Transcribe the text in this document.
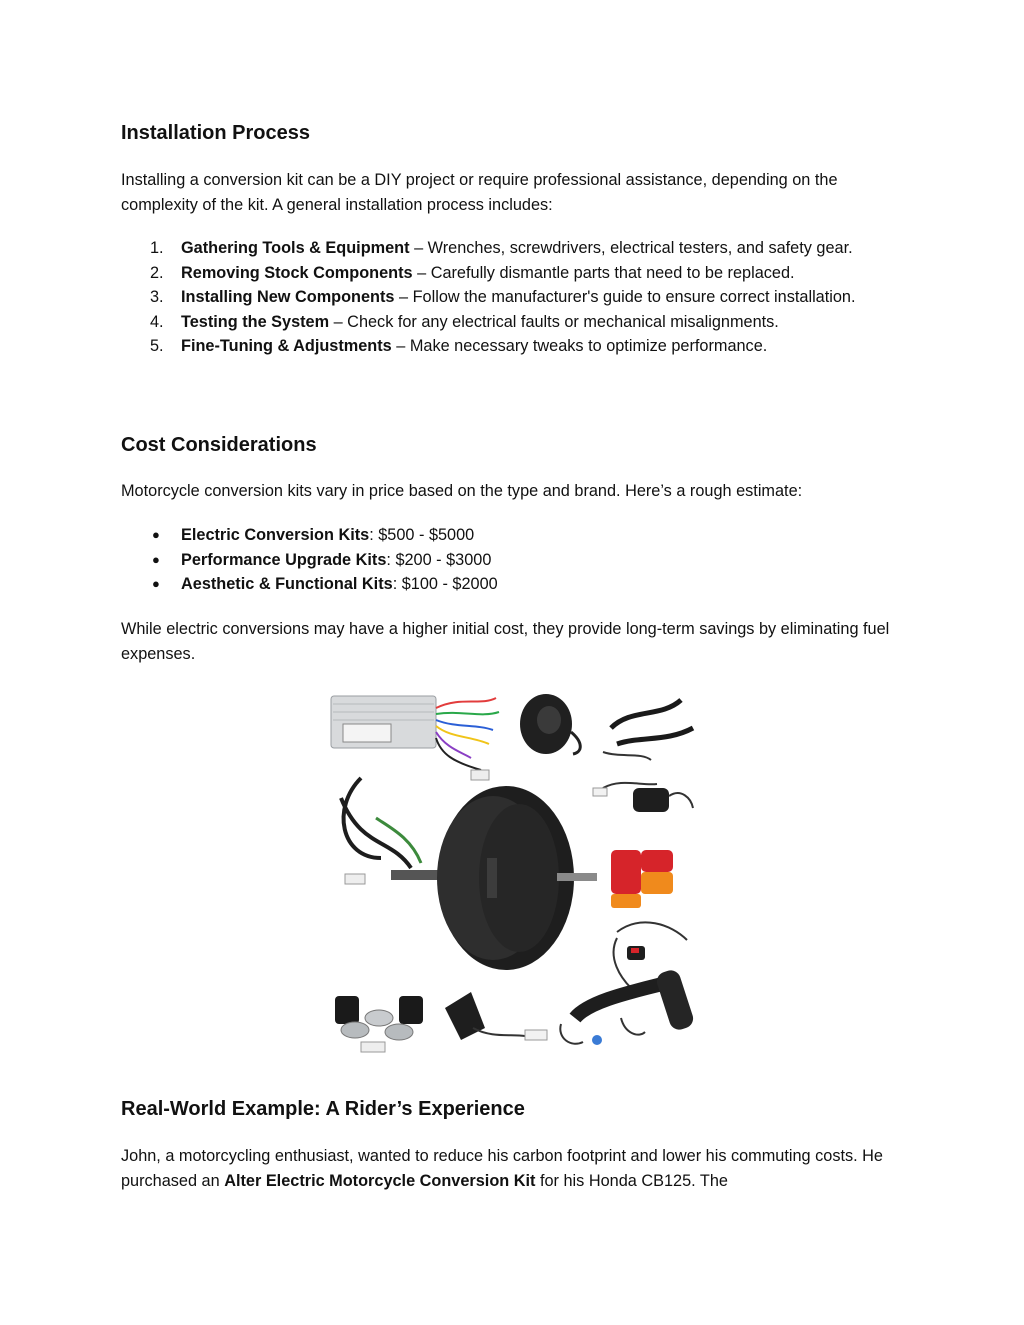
Installation Process

Installing a conversion kit can be a DIY project or require professional assistance, depending on the complexity of the kit. A general installation process includes:

1. Gathering Tools & Equipment – Wrenches, screwdrivers, electrical testers, and safety gear.
2. Removing Stock Components – Carefully dismantle parts that need to be replaced.
3. Installing New Components – Follow the manufacturer's guide to ensure correct installation.
4. Testing the System – Check for any electrical faults or mechanical misalignments.
5. Fine-Tuning & Adjustments – Make necessary tweaks to optimize performance.
Cost Considerations

Motorcycle conversion kits vary in price based on the type and brand. Here’s a rough estimate:

● Electric Conversion Kits: $500 - $5000
● Performance Upgrade Kits: $200 - $3000
● Aesthetic & Functional Kits: $100 - $2000

While electric conversions may have a higher initial cost, they provide long-term savings by eliminating fuel expenses.

Real-World Example: A Rider’s Experience

John, a motorcycling enthusiast, wanted to reduce his carbon footprint and lower his commuting costs. He purchased an Alter Electric Motorcycle Conversion Kit for his Honda CB125. The
